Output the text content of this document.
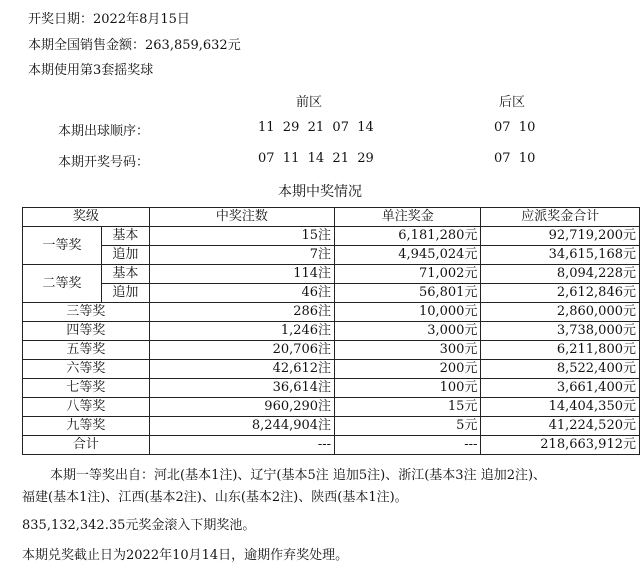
开奖日期：2022年8月15日
本期全国销售金额：263,859,632元
本期使用第3套摇奖球
前区	后区
本期出球顺序：	11  29  21  07  14	07  10
本期开奖号码：	07  11  14  21  29	07  10
本期中奖情况
奖级		中奖注数	单注奖金	应派奖金合计
一等奖	基本	15注	6,181,280元	92,719,200元
	追加	7注	4,945,024元	34,615,168元
二等奖	基本	114注	71,002元	8,094,228元
	追加	46注	56,801元	2,612,846元
三等奖		286注	10,000元	2,860,000元
四等奖		1,246注	3,000元	3,738,000元
五等奖		20,706注	300元	6,211,800元
六等奖		42,612注	200元	8,522,400元
七等奖		36,614注	100元	3,661,400元
八等奖		960,290注	15元	14,404,350元
九等奖		8,244,904注	5元	41,224,520元
合计		---	---	218,663,912元
本期一等奖出自：河北(基本1注)、辽宁(基本5注 追加5注)、浙江(基本3注 追加2注)、
福建(基本1注)、江西(基本2注)、山东(基本2注)、陕西(基本1注)。
835,132,342.35元奖金滚入下期奖池。
本期兑奖截止日为2022年10月14日，逾期作弃奖处理。
